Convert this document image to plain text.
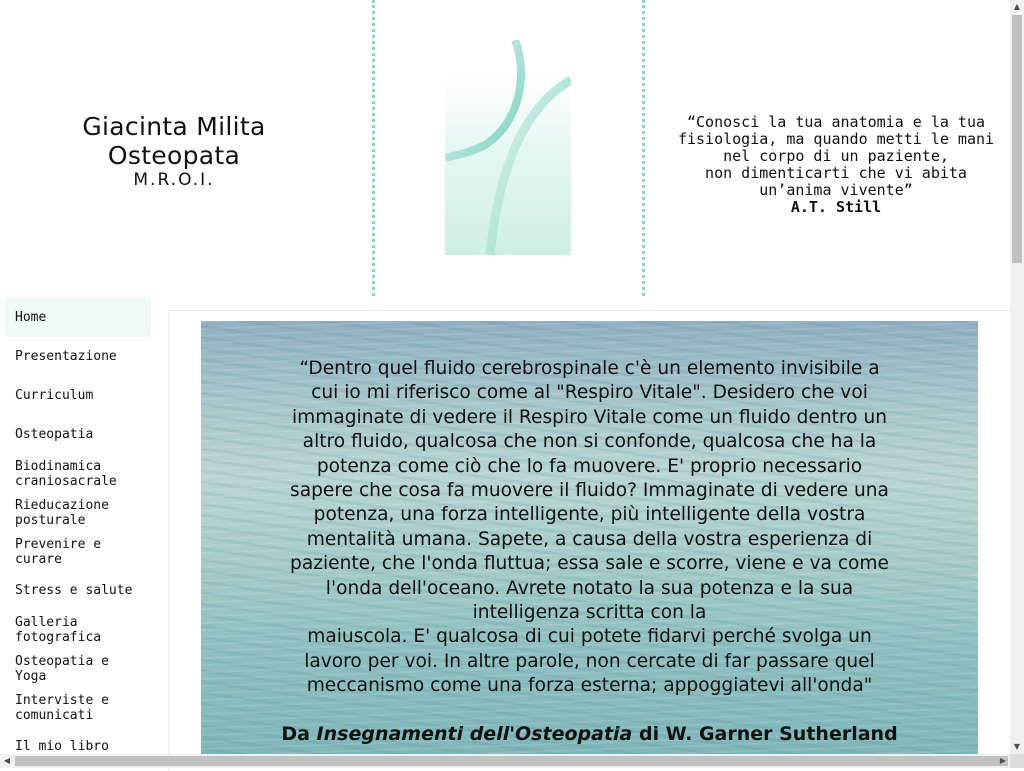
Giacinta Milita
Osteopata
M.R.O.I.
“Conosci la tua anatomia e la tua
fisiologia, ma quando metti le mani
nel corpo di un paziente,
non dimenticarti che vi abita
un’anima vivente”
A.T. Still
Home
Presentazione
Curriculum
Osteopatia
Biodinamica craniosacrale
Rieducazione posturale
Prevenire e curare
Stress e salute
Galleria fotografica
Osteopatia e Yoga
Interviste e comunicati
Il mio libro
“Dentro quel fluido cerebrospinale c'è un elemento invisibile a
cui io mi riferisco come al "Respiro Vitale". Desidero che voi
immaginate di vedere il Respiro Vitale come un fluido dentro un
altro fluido, qualcosa che non si confonde, qualcosa che ha la
potenza come ciò che lo fa muovere. E' proprio necessario
sapere che cosa fa muovere il fluido? Immaginate di vedere una
potenza, una forza intelligente, più intelligente della vostra
mentalità umana. Sapete, a causa della vostra esperienza di
paziente, che l'onda fluttua; essa sale e scorre, viene e va come
l'onda dell'oceano. Avrete notato la sua potenza e la sua
intelligenza scritta con la
maiuscola. E' qualcosa di cui potete fidarvi perché svolga un
lavoro per voi. In altre parole, non cercate di far passare quel
meccanismo come una forza esterna; appoggiatevi all'onda"
Da Insegnamenti dell'Osteopatia di W. Garner Sutherland
▲
▼
◀	▶
